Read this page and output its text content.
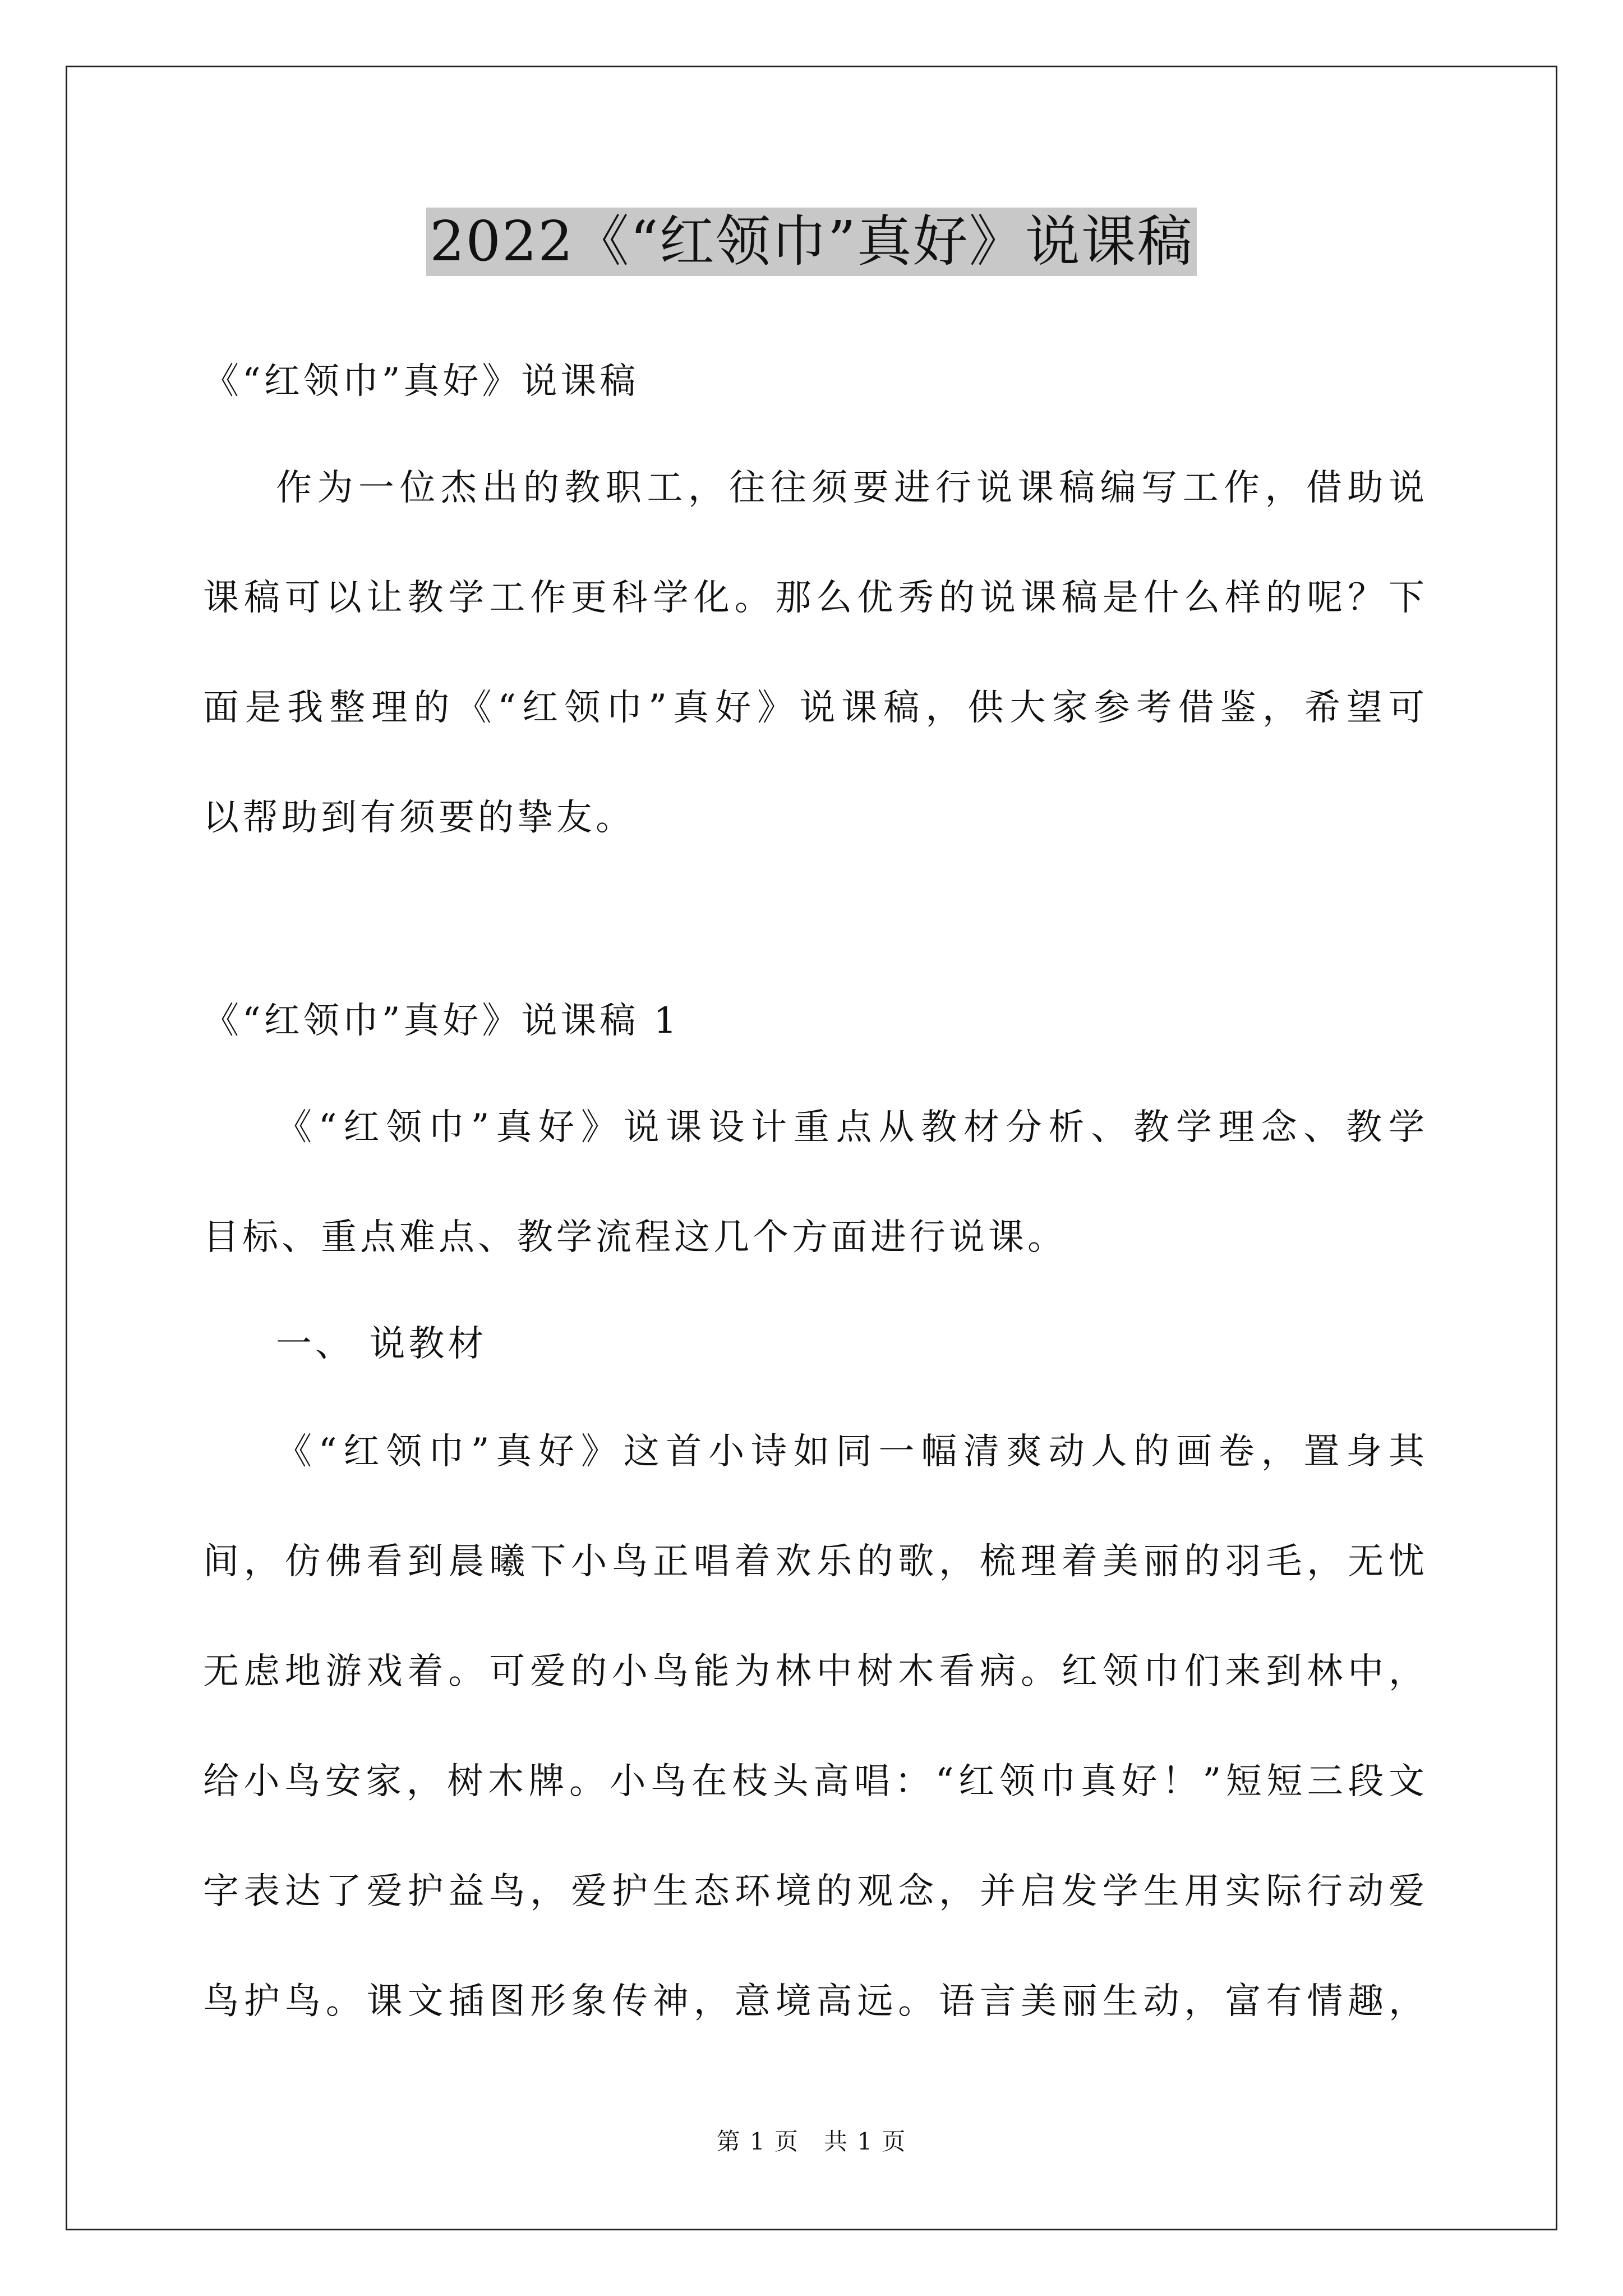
2022《“红领巾”真好》说课稿
《“红领巾”真好》说课稿
作为一位杰出的教职工，往往须要进行说课稿编写工作，借助说
课稿可以让教学工作更科学化。那么优秀的说课稿是什么样的呢？下
面是我整理的《“红领巾”真好》说课稿，供大家参考借鉴，希望可
以帮助到有须要的挚友。
《“红领巾”真好》说课稿 1
《“红领巾”真好》说课设计重点从教材分析、教学理念、教学
目标、重点难点、教学流程这几个方面进行说课。
一、 说教材
《“红领巾”真好》这首小诗如同一幅清爽动人的画卷，置身其
间，仿佛看到晨曦下小鸟正唱着欢乐的歌，梳理着美丽的羽毛，无忧
无虑地游戏着。可爱的小鸟能为林中树木看病。红领巾们来到林中，
给小鸟安家，树木牌。小鸟在枝头高唱：“红领巾真好！”短短三段文
字表达了爱护益鸟，爱护生态环境的观念，并启发学生用实际行动爱
鸟护鸟。课文插图形象传神，意境高远。语言美丽生动，富有情趣，
第 1 页　共 1 页
